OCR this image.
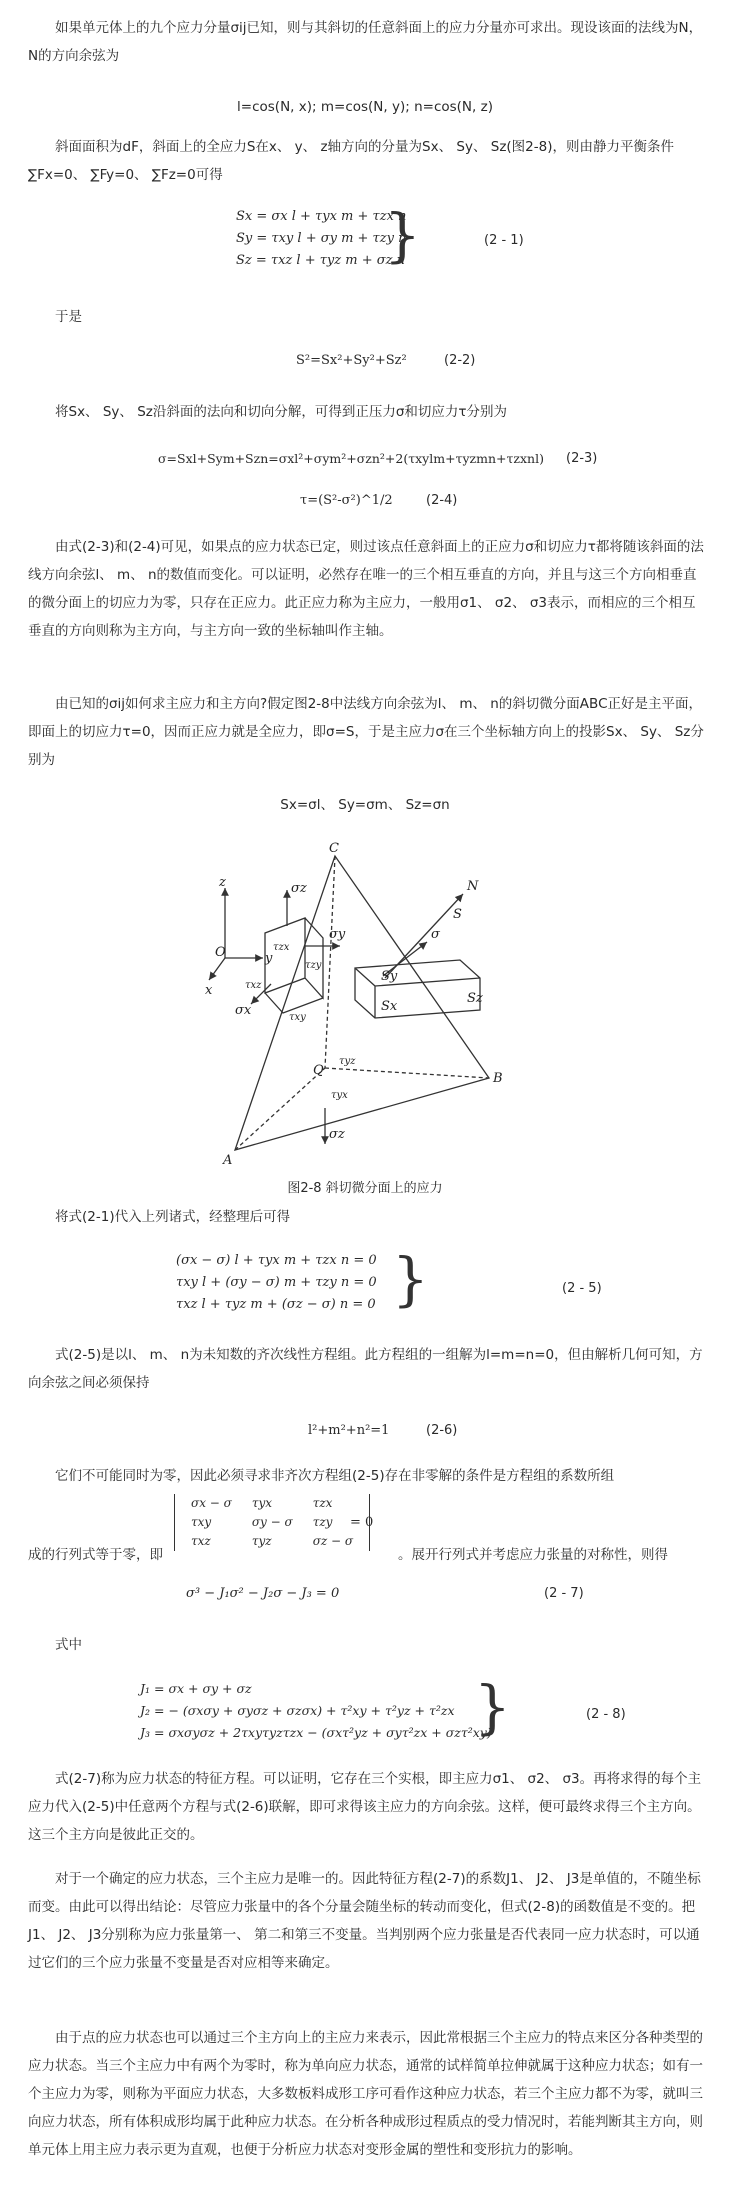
如果单元体上的九个应力分量σij已知，则与其斜切的任意斜面上的应力分量亦可求出。现设该面的法线为N，N的方向余弦为

l=cos(N, x); m=cos(N, y); n=cos(N, z)

斜面面积为dF，斜面上的全应力S在x、 y、 z轴方向的分量为Sx、 Sy、 Sz(图2-8)，则由静力平衡条件∑Fx=0、 ∑Fy=0、 ∑Fz=0可得

Sx = σx l + τyx m + τzx n
Sy = τxy l + σy m + τzy n
Sz = τxz l + τyz m + σz n
}	(2 - 1)

于是

S²=Sx²+Sy²+Sz²	(2-2)

将Sx、 Sy、 Sz沿斜面的法向和切向分解，可得到正压力σ和切应力τ分别为

σ=Sxl+Sym+Szn=σxl²+σym²+σzn²+2(τxylm+τyzmn+τzxnl) (2-3)
τ=(S²-σ²)^1/2	(2-4)

由式(2-3)和(2-4)可见，如果点的应力状态已定，则过该点任意斜面上的正应力σ和切应力τ都将随该斜面的法线方向余弦l、 m、 n的数值而变化。可以证明，必然存在唯一的三个相互垂直的方向，并且与这三个方向相垂直的微分面上的切应力为零，只存在正应力。此正应力称为主应力，一般用σ1、 σ2、 σ3表示，而相应的三个相互垂直的方向则称为主方向，与主方向一致的坐标轴叫作主轴。

由已知的σij如何求主应力和主方向?假定图2-8中法线方向余弦为l、 m、 n的斜切微分面ABC正好是主平面，即面上的切应力τ=0，因而正应力就是全应力，即σ=S，于是主应力σ在三个坐标轴方向上的投影Sx、 Sy、 Sz分别为

Sx=σl、 Sy=σm、 Sz=σn

C
A
B
O
Q
N
x
y
z	σz
σx
σy	σ
S
Sx
Sy
Sz
τzy
τzx
τxz
τxy
τyx
τyz
σz
图2-8 斜切微分面上的应力

将式(2-1)代入上列诸式，经整理后可得

(σx − σ) l + τyx m + τzx n = 0
τxy l + (σy − σ) m + τzy n = 0
τxz l + τyz m + (σz − σ) n = 0 }	(2 - 5)

式(2-5)是以l、 m、 n为未知数的齐次线性方程组。此方程组的一组解为l=m=n=0，但由解析几何可知，方向余弦之间必须保持

l²+m²+n²=1	(2-6)

它们不可能同时为零，因此必须寻求非齐次方程组(2-5)存在非零解的条件是方程组的系数所组

成的行列式等于零，即
σx − σ	τyx	τzx
τxy	σy − σ	τzy
τxz	τyz	σz − σ
= 0
。展开行列式并考虑应力张量的对称性，则得
σ³ − J₁σ² − J₂σ − J₃ = 0	(2 - 7)

式中

J₁ = σx + σy + σz
J₂ = − (σxσy + σyσz + σzσx) + τ²xy + τ²yz + τ²zx
J₃ = σxσyσz + 2τxyτyzτzx − (σxτ²yz + σyτ²zx + σzτ²xy)
}	(2 - 8)

式(2-7)称为应力状态的特征方程。可以证明，它存在三个实根，即主应力σ1、 σ2、 σ3。再将求得的每个主应力代入(2-5)中任意两个方程与式(2-6)联解，即可求得该主应力的方向余弦。这样，便可最终求得三个主方向。这三个主方向是彼此正交的。

对于一个确定的应力状态，三个主应力是唯一的。因此特征方程(2-7)的系数J1、 J2、 J3是单值的，不随坐标而变。由此可以得出结论：尽管应力张量中的各个分量会随坐标的转动而变化，但式(2-8)的函数值是不变的。把J1、 J2、 J3分别称为应力张量第一、 第二和第三不变量。当判别两个应力张量是否代表同一应力状态时，可以通过它们的三个应力张量不变量是否对应相等来确定。

由于点的应力状态也可以通过三个主方向上的主应力来表示，因此常根据三个主应力的特点来区分各种类型的应力状态。当三个主应力中有两个为零时，称为单向应力状态，通常的试样简单拉伸就属于这种应力状态；如有一个主应力为零，则称为平面应力状态，大多数板料成形工序可看作这种应力状态，若三个主应力都不为零，就叫三向应力状态，所有体积成形均属于此种应力状态。在分析各种成形过程质点的受力情况时，若能判断其主方向，则单元体上用主应力表示更为直观，也便于分析应力状态对变形金属的塑性和变形抗力的影响。
